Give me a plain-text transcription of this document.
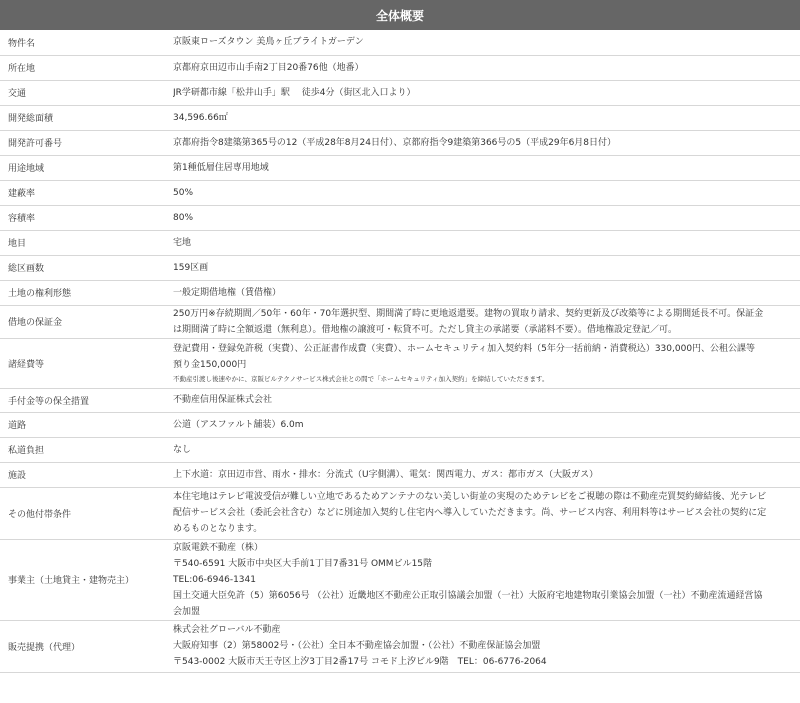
全体概要
物件名	京阪東ローズタウン 美鳥ヶ丘ブライトガーデン

所在地	京都府京田辺市山手南2丁目20番76他（地番）

交通	JR学研都市線「松井山手」駅　 徒歩4分（街区北入口より）

開発総面積	34,596.66㎡

開発許可番号	京都府指令8建築第365号の12（平成28年8月24日付）、京都府指令9建築第366号の5（平成29年6月8日付）

用途地域	第1種低層住居専用地域

建蔽率	50%

容積率	80%

地目	宅地

総区画数	159区画

土地の権利形態	一般定期借地権（賃借権）

借地の保証金	250万円※存続期間／50年・60年・70年選択型、期間満了時に更地返還要。建物の買取り請求、契約更新及び改築等による期間延長不可。保証金
は期間満了時に全額返還（無利息）。借地権の譲渡可・転貸不可。ただし貸主の承諾要（承諾料不要）。借地権設定登記／可。

諸経費等	登記費用・登録免許税（実費）、公正証書作成費（実費）、ホームセキュリティ加入契約料（5年分一括前納・消費税込）330,000円、公租公課等
預り金150,000円
不動産引渡し後速やかに、京阪ビルテクノサービス株式会社との間で「ホームセキュリティ加入契約」を締結していただきます。

手付金等の保全措置	不動産信用保証株式会社

道路	公道（アスファルト舗装）6.0m

私道負担	なし

施設	上下水道：京田辺市営、雨水・排水：分流式（U字側溝）、電気：関西電力、ガス：都市ガス（大阪ガス）

その他付帯条件	本住宅地はテレビ電波受信が難しい立地であるためアンテナのない美しい街並の実現のためテレビをご視聴の際は不動産売買契約締結後、光テレビ
配信サービス会社（委託会社含む）などに別途加入契約し住宅内へ導入していただきます。尚、サービス内容、利用料等はサービス会社の契約に定
めるものとなります。

事業主（土地貸主・建物売主）	京阪電鉄不動産（株）
〒540-6591 大阪市中央区大手前1丁目7番31号 OMMビル15階
TEL:06-6946-1341
国土交通大臣免許（5）第6056号 （公社）近畿地区不動産公正取引協議会加盟（一社）大阪府宅地建物取引業協会加盟（一社）不動産流通経営協
会加盟

販売提携（代理）	株式会社グローバル不動産
大阪府知事（2）第58002号・（公社）全日本不動産協会加盟・（公社）不動産保証協会加盟
〒543-0002 大阪市天王寺区上汐3丁目2番17号 コモド上汐ビル9階　TEL：06-6776-2064
